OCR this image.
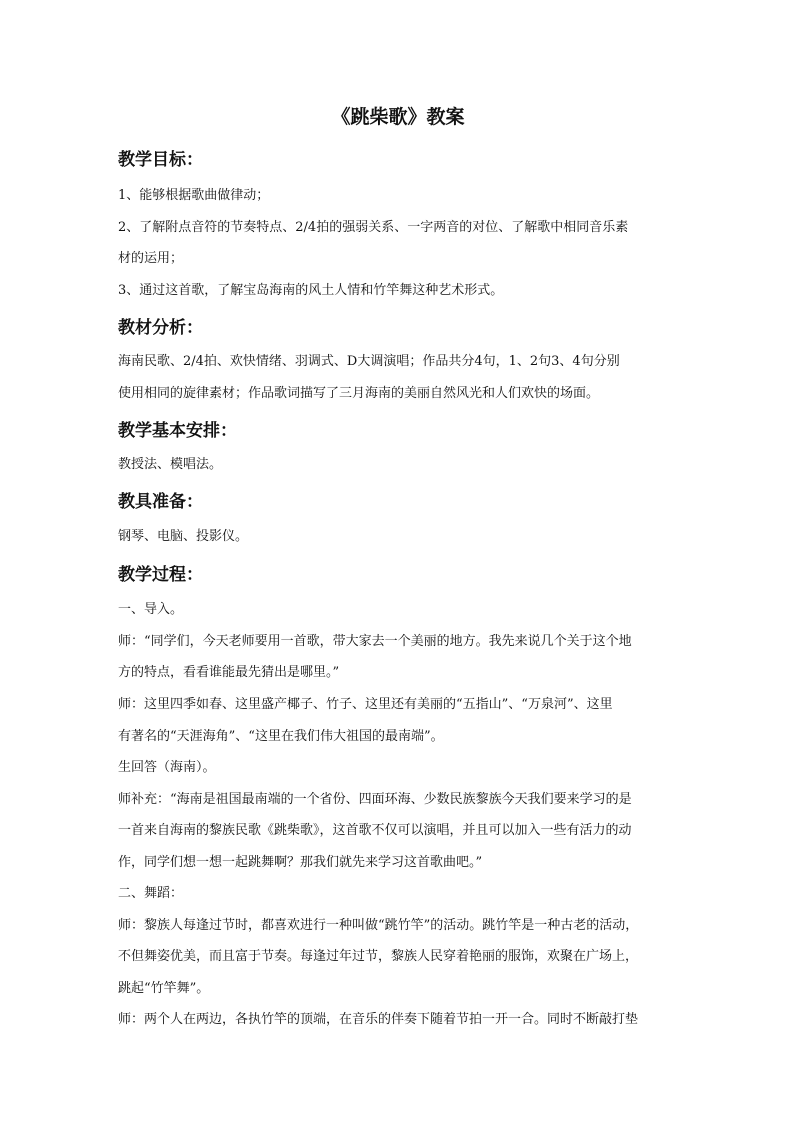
《跳柴歌》教案
教学目标：
1、能够根据歌曲做律动；
2、了解附点音符的节奏特点、2/4拍的强弱关系、一字两音的对位、了解歌中相同音乐素
材的运用；
3、通过这首歌，了解宝岛海南的风土人情和竹竿舞这种艺术形式。
教材分析：
海南民歌、2/4拍、欢快情绪、羽调式、D大调演唱；作品共分4句，1、2句3、4句分别
使用相同的旋律素材；作品歌词描写了三月海南的美丽自然风光和人们欢快的场面。
教学基本安排：
教授法、模唱法。
教具准备：
钢琴、电脑、投影仪。
教学过程：
一、导入。
师：“同学们，今天老师要用一首歌，带大家去一个美丽的地方。我先来说几个关于这个地
方的特点，看看谁能最先猜出是哪里。”
师：这里四季如春、这里盛产椰子、竹子、这里还有美丽的“五指山”、“万泉河”、这里
有著名的“天涯海角”、“这里在我们伟大祖国的最南端”。
生回答（海南）。
师补充：“海南是祖国最南端的一个省份、四面环海、少数民族黎族今天我们要来学习的是
一首来自海南的黎族民歌《跳柴歌》，这首歌不仅可以演唱，并且可以加入一些有活力的动
作，同学们想一想一起跳舞啊？那我们就先来学习这首歌曲吧。”
二、舞蹈：
师：黎族人每逢过节时，都喜欢进行一种叫做“跳竹竿”的活动。跳竹竿是一种古老的活动，
不但舞姿优美，而且富于节奏。每逢过年过节，黎族人民穿着艳丽的服饰，欢聚在广场上，
跳起“竹竿舞”。
师：两个人在两边，各执竹竿的顶端，在音乐的伴奏下随着节拍一开一合。同时不断敲打垫
